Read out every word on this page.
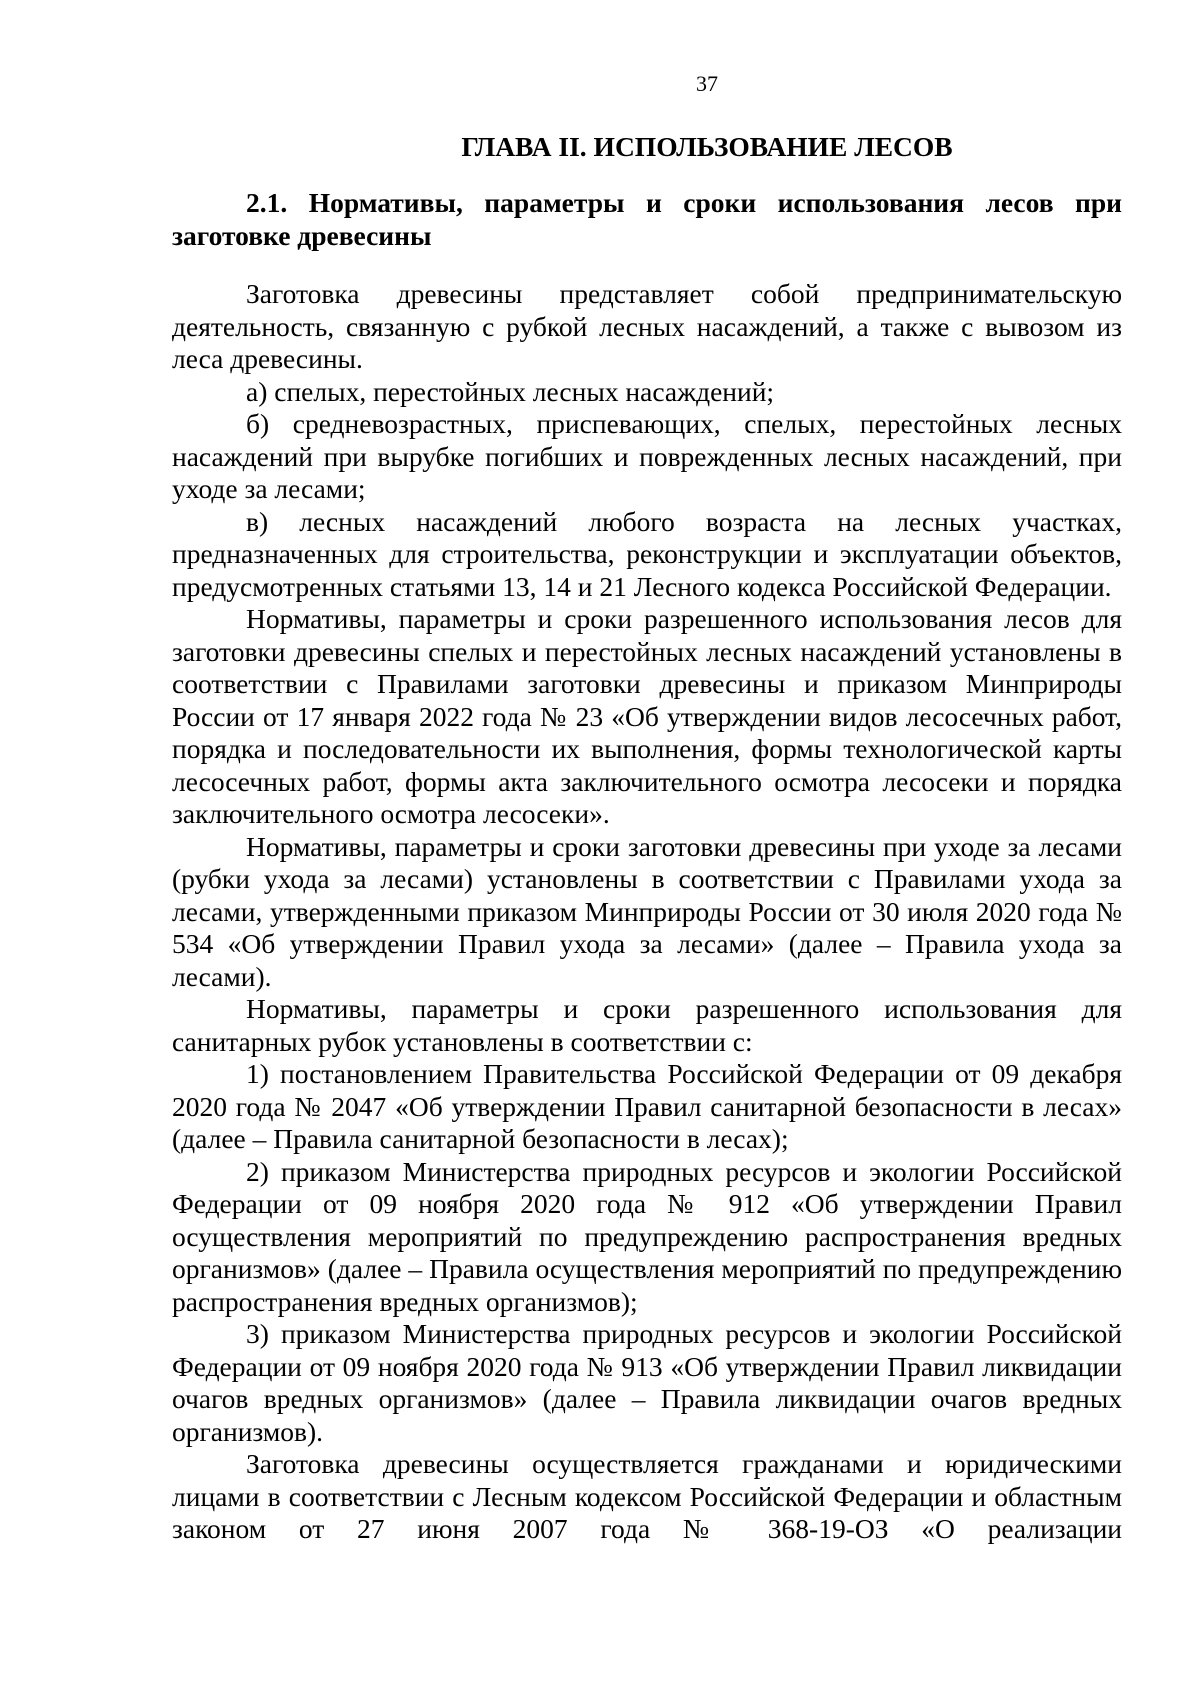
37
ГЛАВА II. ИСПОЛЬЗОВАНИЕ ЛЕСОВ
2.1. Нормативы, параметры и сроки использования лесов при заготовке древесины

Заготовка древесины представляет собой предпринимательскую деятельность, связанную с рубкой лесных насаждений, а также с вывозом из леса древесины.

а) спелых, перестойных лесных насаждений;

б) средневозрастных, приспевающих, спелых, перестойных лесных насаждений при вырубке погибших и поврежденных лесных насаждений, при уходе за лесами;

в) лесных насаждений любого возраста на лесных участках, предназначенных для строительства, реконструкции и эксплуатации объектов, предусмотренных статьями 13, 14 и 21 Лесного кодекса Российской Федерации.

Нормативы, параметры и сроки разрешенного использования лесов для заготовки древесины спелых и перестойных лесных насаждений установлены в соответствии с Правилами заготовки древесины и приказом Минприроды России от 17 января 2022 года № 23 «Об утверждении видов лесосечных работ, порядка и последовательности их выполнения, формы технологической карты лесосечных работ, формы акта заключительного осмотра лесосеки и порядка заключительного осмотра лесосеки».

Нормативы, параметры и сроки заготовки древесины при уходе за лесами (рубки ухода за лесами) установлены в соответствии с Правилами ухода за лесами, утвержденными приказом Минприроды России от 30 июля 2020 года № 534 «Об утверждении Правил ухода за лесами» (далее – Правила ухода за лесами).

Нормативы, параметры и сроки разрешенного использования для санитарных рубок установлены в соответствии с:

1) постановлением Правительства Российской Федерации от 09 декабря 2020 года № 2047 «Об утверждении Правил санитарной безопасности в лесах» (далее – Правила санитарной безопасности в лесах);

2) приказом Министерства природных ресурсов и экологии Российской Федерации от 09 ноября 2020 года № 912 «Об утверждении Правил осуществления мероприятий по предупреждению распространения вредных организмов» (далее – Правила осуществления мероприятий по предупреждению распространения вредных организмов);

3) приказом Министерства природных ресурсов и экологии Российской Федерации от 09 ноября 2020 года № 913 «Об утверждении Правил ликвидации очагов вредных организмов» (далее – Правила ликвидации очагов вредных организмов).

Заготовка древесины осуществляется гражданами и юридическими лицами в соответствии с Лесным кодексом Российской Федерации и областным законом от 27 июня 2007 года № 368-19-ОЗ «О реализации
